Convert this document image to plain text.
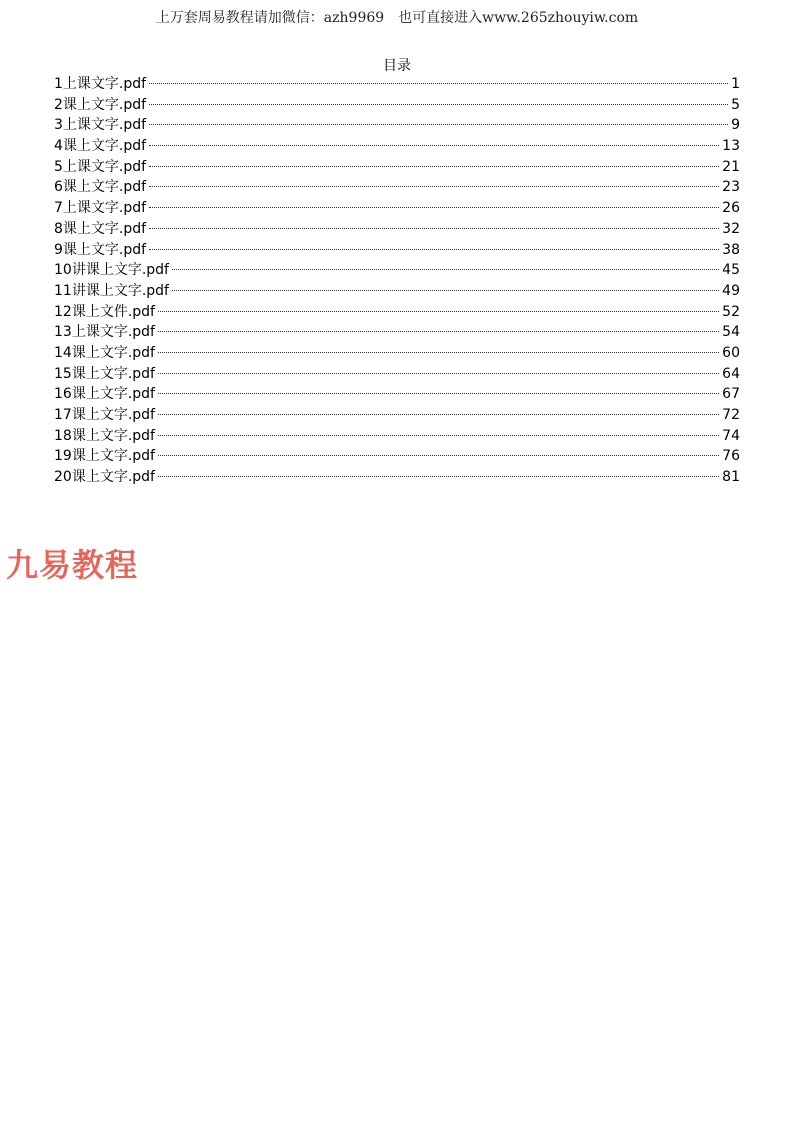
上万套周易教程请加微信：azh9969　也可直接进入www.265zhouyiw.com
目录
1上课文字.pdf	1
2课上文字.pdf	5
3上课文字.pdf	9
4课上文字.pdf	13
5上课文字.pdf	21
6课上文字.pdf	23
7上课文字.pdf	26
8课上文字.pdf	32
9课上文字.pdf	38
10讲课上文字.pdf	45
11讲课上文字.pdf	49
12课上文件.pdf	52
13上课文字.pdf	54
14课上文字.pdf	60
15课上文字.pdf	64
16课上文字.pdf	67
17课上文字.pdf	72
18课上文字.pdf	74
19课上文字.pdf	76
20课上文字.pdf	81
九易教程
